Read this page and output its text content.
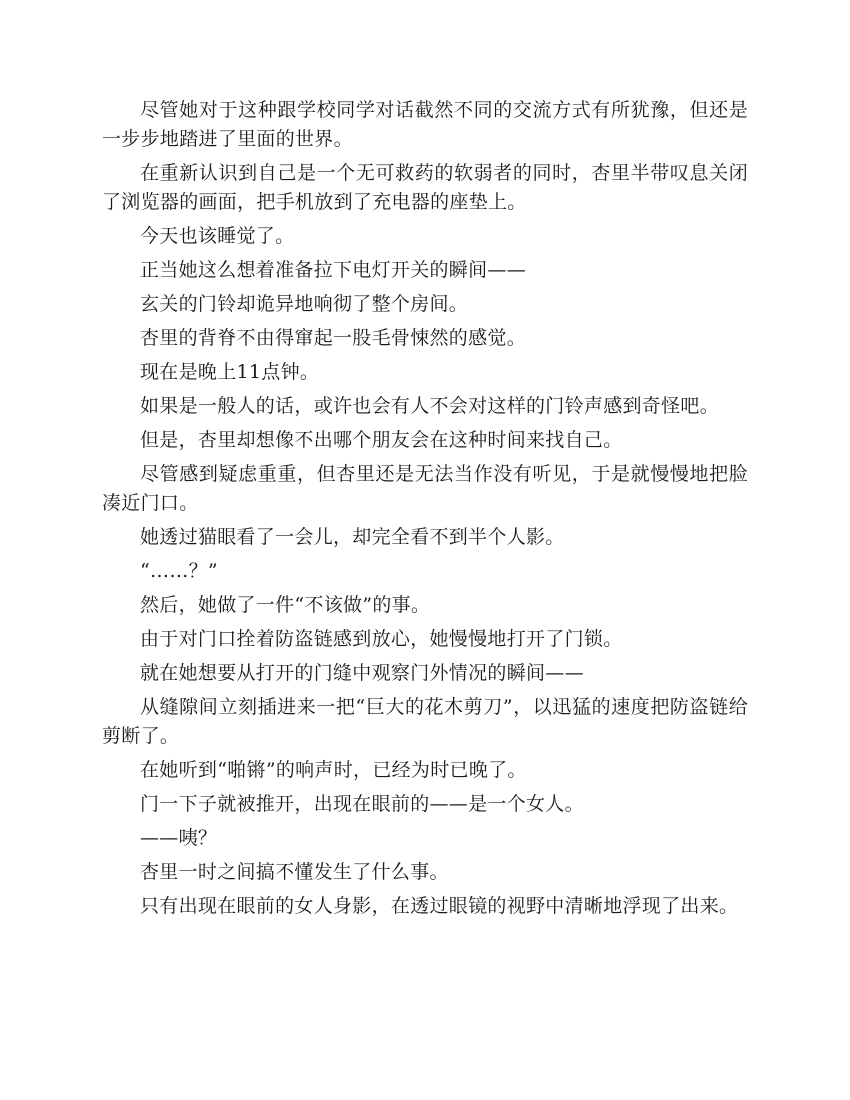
尽管她对于这种跟学校同学对话截然不同的交流方式有所犹豫，但还是一步步地踏进了里面的世界。

在重新认识到自己是一个无可救药的软弱者的同时，杏里半带叹息关闭了浏览器的画面，把手机放到了充电器的座垫上。

今天也该睡觉了。

正当她这么想着准备拉下电灯开关的瞬间——

玄关的门铃却诡异地响彻了整个房间。

杏里的背脊不由得窜起一股毛骨悚然的感觉。

现在是晚上11点钟。

如果是一般人的话，或许也会有人不会对这样的门铃声感到奇怪吧。

但是，杏里却想像不出哪个朋友会在这种时间来找自己。

尽管感到疑虑重重，但杏里还是无法当作没有听见，于是就慢慢地把脸凑近门口。

她透过猫眼看了一会儿，却完全看不到半个人影。

“……？”

然后，她做了一件“不该做”的事。

由于对门口拴着防盗链感到放心，她慢慢地打开了门锁。

就在她想要从打开的门缝中观察门外情况的瞬间——

从缝隙间立刻插进来一把“巨大的花木剪刀”，以迅猛的速度把防盗链给剪断了。

在她听到“啪锵”的响声时，已经为时已晚了。

门一下子就被推开，出现在眼前的——是一个女人。

——咦？

杏里一时之间搞不懂发生了什么事。

只有出现在眼前的女人身影，在透过眼镜的视野中清晰地浮现了出来。
